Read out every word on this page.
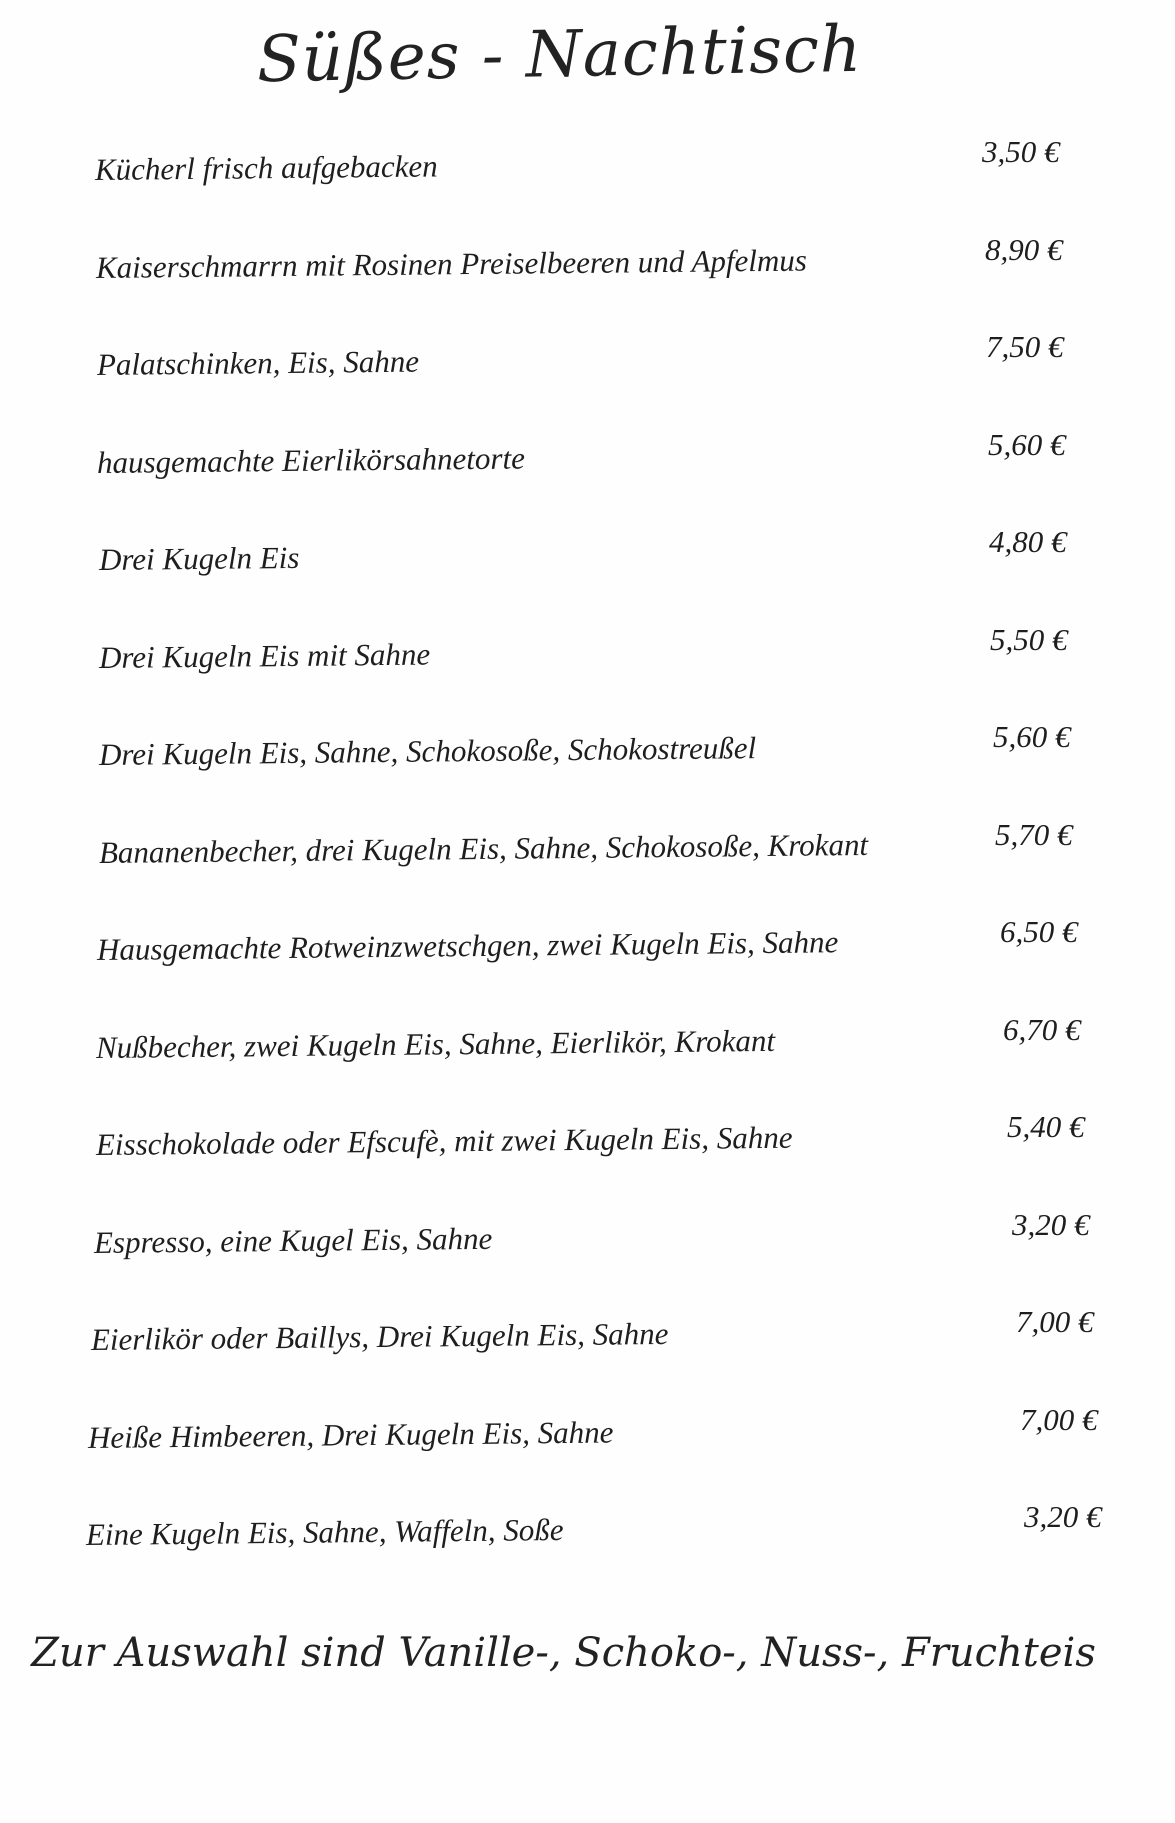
Süßes - Nachtisch
Kücherl frisch aufgebacken	3,50 €
Kaiserschmarrn mit Rosinen Preiselbeeren und Apfelmus	8,90 €
Palatschinken, Eis, Sahne	7,50 €
hausgemachte Eierlikörsahnetorte	5,60 €
Drei Kugeln Eis	4,80 €
Drei Kugeln Eis mit Sahne	5,50 €
Drei Kugeln Eis, Sahne, Schokosoße, Schokostreußel	5,60 €
Bananenbecher, drei Kugeln Eis, Sahne, Schokosoße, Krokant	5,70 €
Hausgemachte Rotweinzwetschgen, zwei Kugeln Eis, Sahne	6,50 €
Nußbecher, zwei Kugeln Eis, Sahne, Eierlikör, Krokant	6,70 €
Eisschokolade oder Efscufè, mit zwei Kugeln Eis, Sahne	5,40 €
Espresso, eine Kugel Eis, Sahne	3,20 €
Eierlikör oder Baillys, Drei Kugeln Eis, Sahne	7,00 €
Heiße Himbeeren, Drei Kugeln Eis, Sahne	7,00 €
Eine Kugeln Eis, Sahne, Waffeln, Soße	3,20 €
Zur Auswahl sind Vanille-, Schoko-, Nuss-, Fruchteis
